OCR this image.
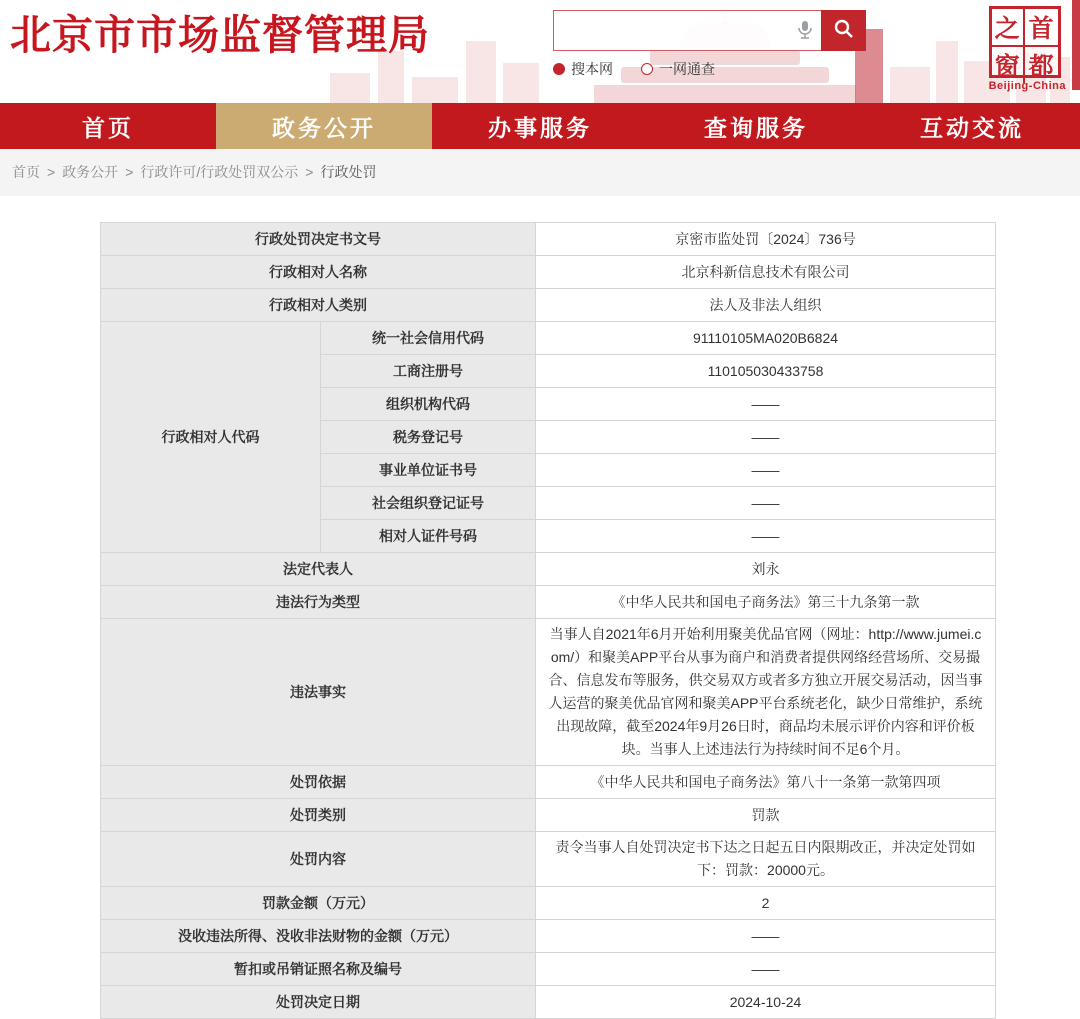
北京市市场监督管理局
搜本网	一网通查
之 首
窗 都
Beijing-China
首页	政务公开	办事服务	查询服务	互动交流
首页 > 政务公开 > 行政许可/行政处罚双公示 > 行政处罚
行政处罚决定书文号		京密市监处罚〔2024〕736号
行政相对人名称		北京科新信息技术有限公司
行政相对人类别		法人及非法人组织
行政相对人代码	统一社会信用代码	91110105MA020B6824
	工商注册号	110105030433758
	组织机构代码	——
	税务登记号	——
	事业单位证书号	——
	社会组织登记证号	——
	相对人证件号码	——
法定代表人		刘永
违法行为类型		《中华人民共和国电子商务法》第三十九条第一款
违法事实		当事人自2021年6月开始利用聚美优品官网（网址：http://www.jumei.com/）和聚美APP平台从事为商户和消费者提供网络经营场所、交易撮合、信息发布等服务，供交易双方或者多方独立开展交易活动，因当事人运营的聚美优品官网和聚美APP平台系统老化，缺少日常维护，系统出现故障，截至2024年9月26日时，商品均未展示评价内容和评价板块。当事人上述违法行为持续时间不足6个月。
处罚依据		《中华人民共和国电子商务法》第八十一条第一款第四项
处罚类别		罚款
处罚内容		责令当事人自处罚决定书下达之日起五日内限期改正，并决定处罚如下：罚款：20000元。
罚款金额（万元）		2
没收违法所得、没收非法财物的金额（万元）		——
暂扣或吊销证照名称及编号		——
处罚决定日期		2024-10-24
